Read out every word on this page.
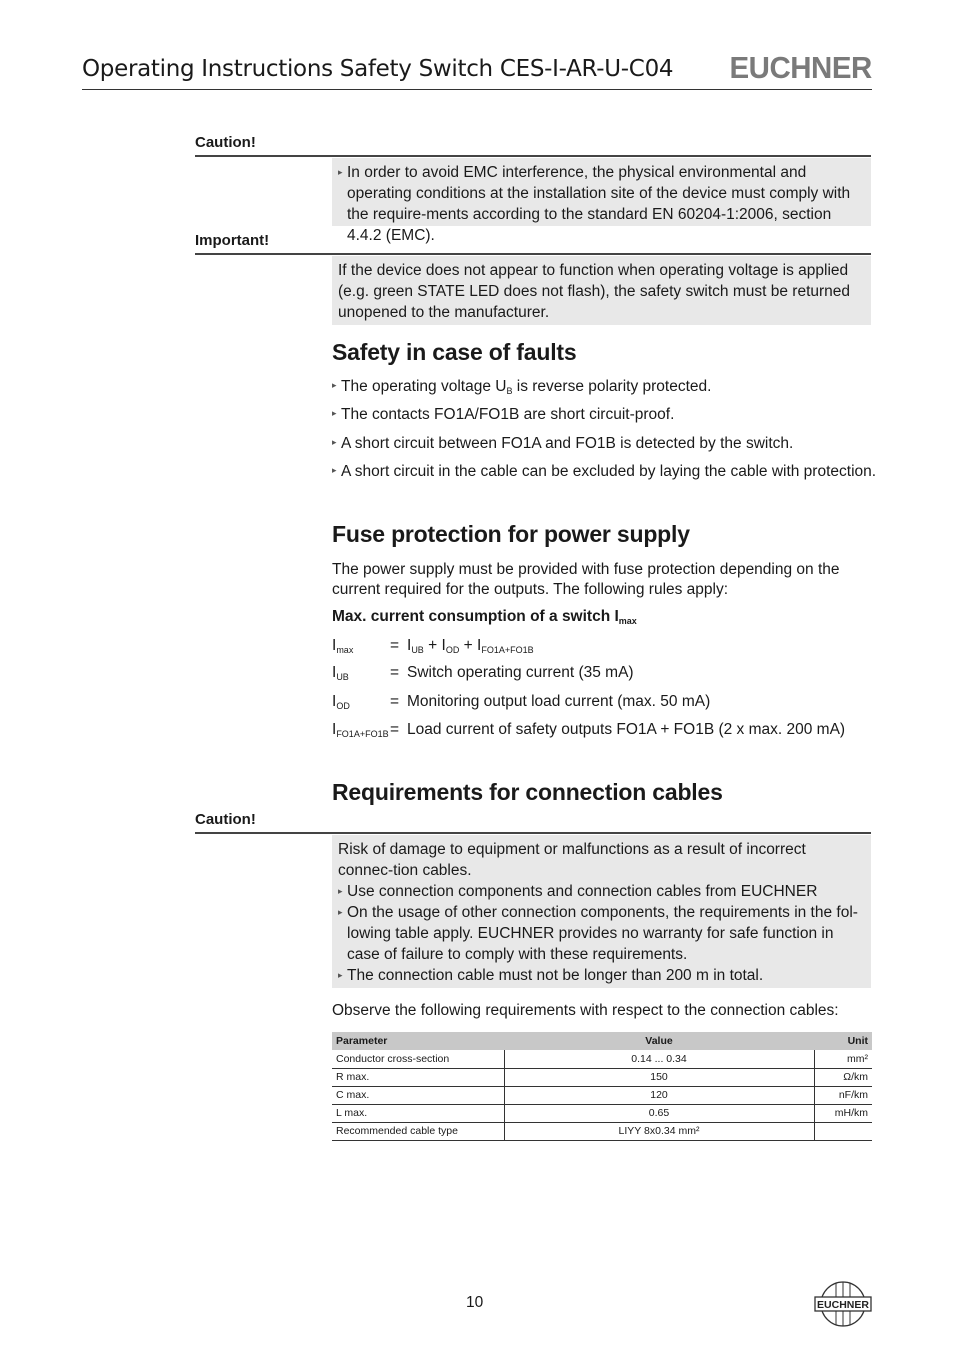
Operating Instructions Safety Switch CES-I-AR-U-C04 EUCHNER
Caution!
▸ In order to avoid EMC interference, the physical environmental and operating conditions at the installation site of the device must comply with the require-ments according to the standard EN 60204-1:2006, section 4.4.2 (EMC).
Important!
If the device does not appear to function when operating voltage is applied (e.g. green STATE LED does not flash), the safety switch must be returned unopened to the manufacturer.
Safety in case of faults
▸ The operating voltage $U_B$ is reverse polarity protected.
▸ The contacts FO1A/FO1B are short circuit-proof.
▸ A short circuit between FO1A and FO1B is detected by the switch.
▸ A short circuit in the cable can be excluded by laying the cable with protection.
Fuse protection for power supply
The power supply must be provided with fuse protection depending on the current required for the outputs. The following rules apply:
Max. current consumption of a switch $I_{max}$
$I_{max} = I_{UB} + I_{OD} + I_{FO1A+FO1B}$
$I_{UB}$	= Switch operating current (35 mA)
$I_{OD}$	= Monitoring output load current (max. 50 mA)
$I_{FO1A+FO1B}$ = Load current of safety outputs FO1A + FO1B (2 x max. 200 mA)
Requirements for connection cables
Caution!
Risk of damage to equipment or malfunctions as a result of incorrect connec-tion cables.
▸ Use connection components and connection cables from EUCHNER
▸ On the usage of other connection components, the requirements in the fol-lowing table apply. EUCHNER provides no warranty for safe function in case of failure to comply with these requirements.
▸ The connection cable must not be longer than 200 m in total.
Observe the following requirements with respect to the connection cables:
Parameter	Value	Unit
Conductor cross-section	0.14 ... 0.34	mm²
R max.	150	Ω/km
C max.	120	nF/km
L max.	0.65	mH/km
Recommended cable type	LIYY 8x0.34 mm²	
10	EUCHNER
